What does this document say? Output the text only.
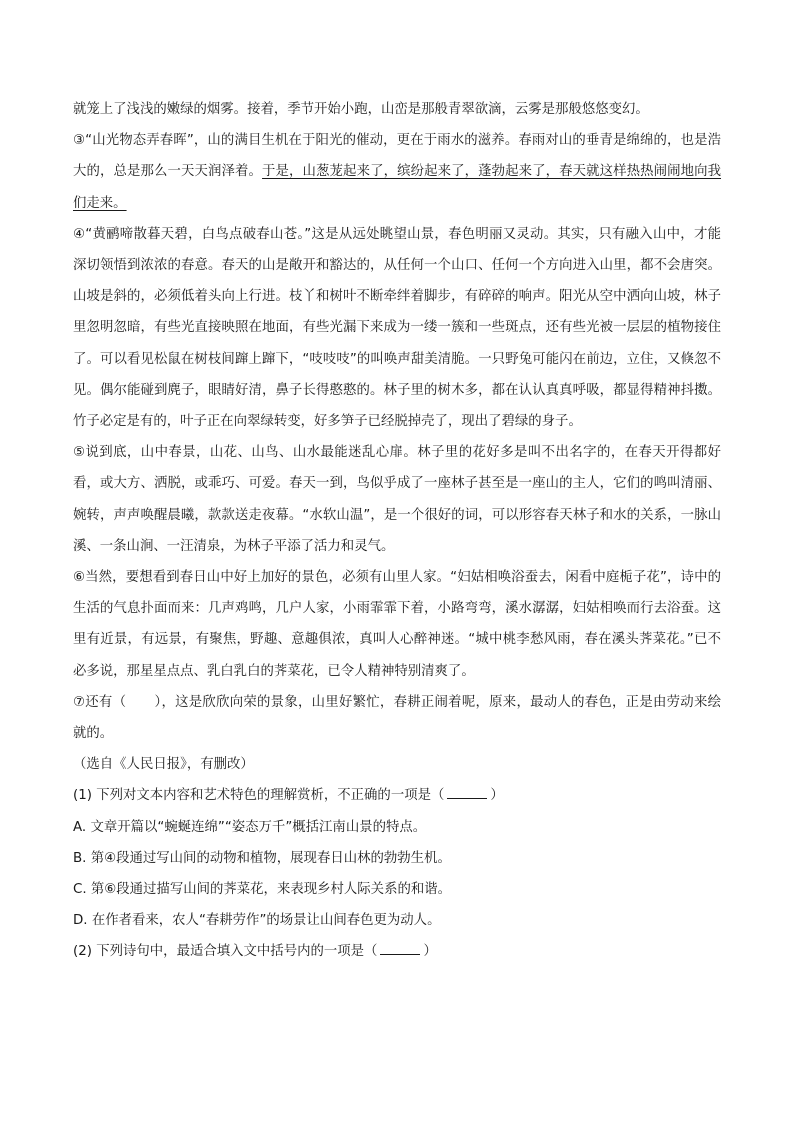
就笼上了浅浅的嫩绿的烟雾。接着，季节开始小跑，山峦是那般青翠欲滴，云雾是那般悠悠变幻。

③“山光物态弄春晖”，山的满目生机在于阳光的催动，更在于雨水的滋养。春雨对山的垂青是绵绵的，也是浩大的，总是那么一天天润泽着。于是，山葱茏起来了，缤纷起来了，蓬勃起来了，春天就这样热热闹闹地向我们走来。

④“黄鹂啼散暮天碧，白鸟点破春山苍。”这是从远处眺望山景，春色明丽又灵动。其实，只有融入山中，才能深切领悟到浓浓的春意。春天的山是敞开和豁达的，从任何一个山口、任何一个方向进入山里，都不会唐突。山坡是斜的，必须低着头向上行进。枝丫和树叶不断牵绊着脚步，有碎碎的响声。阳光从空中洒向山坡，林子里忽明忽暗，有些光直接映照在地面，有些光漏下来成为一缕一簇和一些斑点，还有些光被一层层的植物接住了。可以看见松鼠在树枝间蹿上蹿下，“吱吱吱”的叫唤声甜美清脆。一只野兔可能闪在前边，立住，又倏忽不见。偶尔能碰到麂子，眼睛好清，鼻子长得憨憨的。林子里的树木多，都在认认真真呼吸，都显得精神抖擞。竹子必定是有的，叶子正在向翠绿转变，好多笋子已经脱掉壳了，现出了碧绿的身子。

⑤说到底，山中春景，山花、山鸟、山水最能迷乱心扉。林子里的花好多是叫不出名字的，在春天开得都好看，或大方、洒脱，或乖巧、可爱。春天一到，鸟似乎成了一座林子甚至是一座山的主人，它们的鸣叫清丽、婉转，声声唤醒晨曦，款款送走夜幕。“水软山温”，是一个很好的词，可以形容春天林子和水的关系，一脉山溪、一条山涧、一汪清泉，为林子平添了活力和灵气。

⑥当然，要想看到春日山中好上加好的景色，必须有山里人家。“妇姑相唤浴蚕去，闲看中庭栀子花”，诗中的生活的气息扑面而来：几声鸡鸣，几户人家，小雨霏霏下着，小路弯弯，溪水潺潺，妇姑相唤而行去浴蚕。这里有近景，有远景，有聚焦，野趣、意趣俱浓，真叫人心醉神迷。“城中桃李愁风雨，春在溪头荠菜花。”已不必多说，那星星点点、乳白乳白的荠菜花，已令人精神特别清爽了。

⑦还有（ ），这是欣欣向荣的景象，山里好繁忙，春耕正闹着呢，原来，最动人的春色，正是由劳动来绘就的。

（选自《人民日报》，有删改）

(1) 下列对文本内容和艺术特色的理解赏析，不正确的一项是（	）

A. 文章开篇以“蜿蜒连绵”“姿态万千”概括江南山景的特点。

B. 第④段通过写山间的动物和植物，展现春日山林的勃勃生机。

C. 第⑥段通过描写山间的荠菜花，来表现乡村人际关系的和谐。

D. 在作者看来，农人“春耕劳作”的场景让山间春色更为动人。

(2) 下列诗句中，最适合填入文中括号内的一项是（	）
